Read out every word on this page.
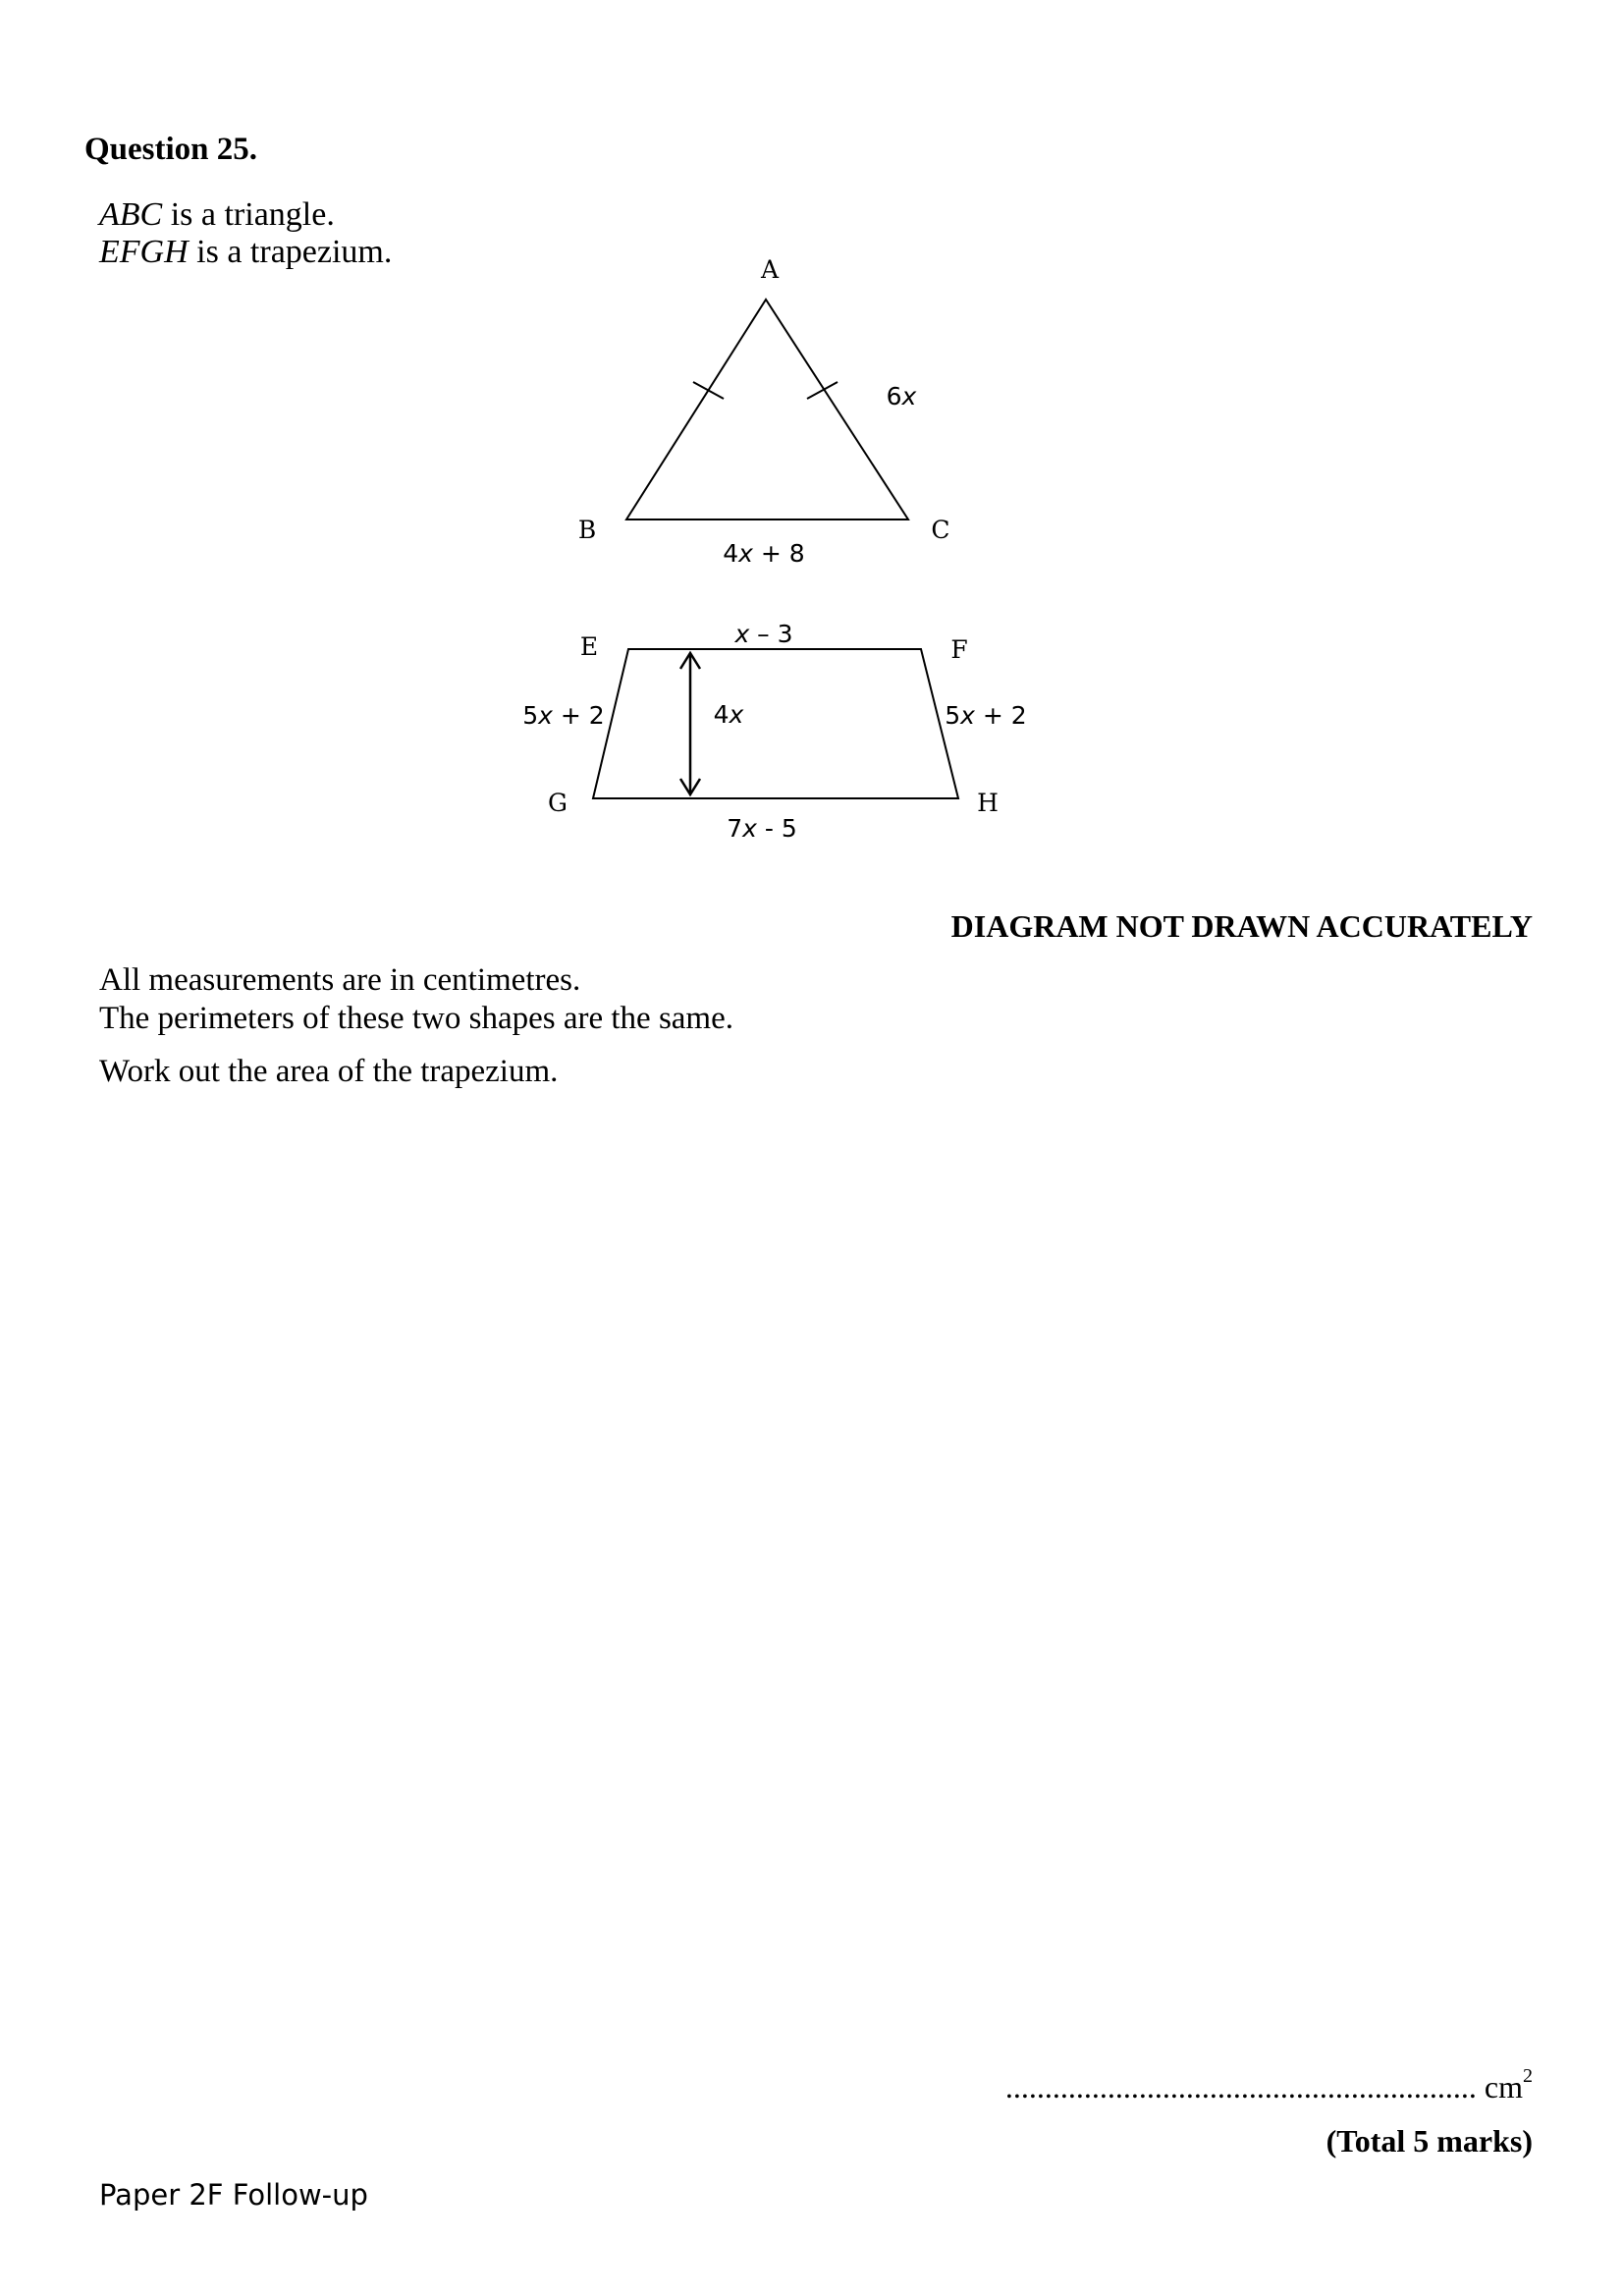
Question 25.
ABC is a triangle.
EFGH is a trapezium.	A
B	C
6x
4x + 8
E	F
G	H
x – 3
5x + 2	5x + 2
4x
7x - 5
DIAGRAM NOT DRAWN ACCURATELY
All measurements are in centimetres.
The perimeters of these two shapes are the same.
Work out the area of the trapezium.
............................................................ $cm^2$
(Total 5 marks)
Paper 2F Follow-up
